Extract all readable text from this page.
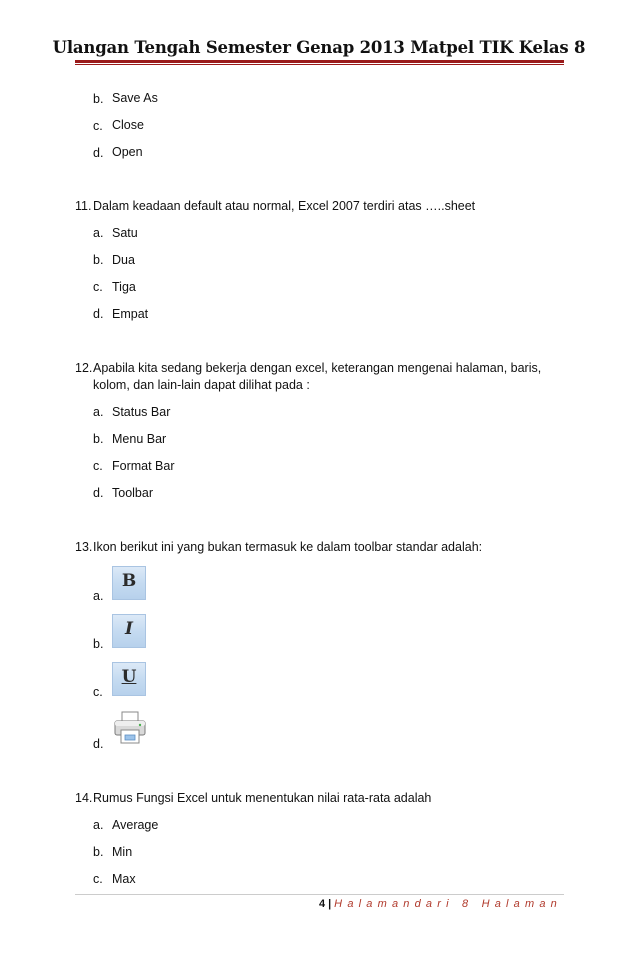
Ulangan Tengah Semester Genap 2013 Matpel TIK Kelas 8
b. Save As
c. Close
d. Open
11. Dalam keadaan default atau normal, Excel 2007 terdiri atas …..sheet
a. Satu
b. Dua
c. Tiga
d. Empat
12. Apabila kita sedang bekerja dengan excel, keterangan mengenai halaman, baris,
kolom, dan lain-lain dapat dilihat pada :
a. Status Bar
b. Menu Bar
c. Format Bar
d. Toolbar
13. Ikon berikut ini yang bukan termasuk ke dalam toolbar standar adalah:
a.
B
b.
I
c.
U
d.
14. Rumus Fungsi Excel untuk menentukan nilai rata-rata adalah
a. Average
b. Min
c. Max
4 | Halamandari 8 Halaman
